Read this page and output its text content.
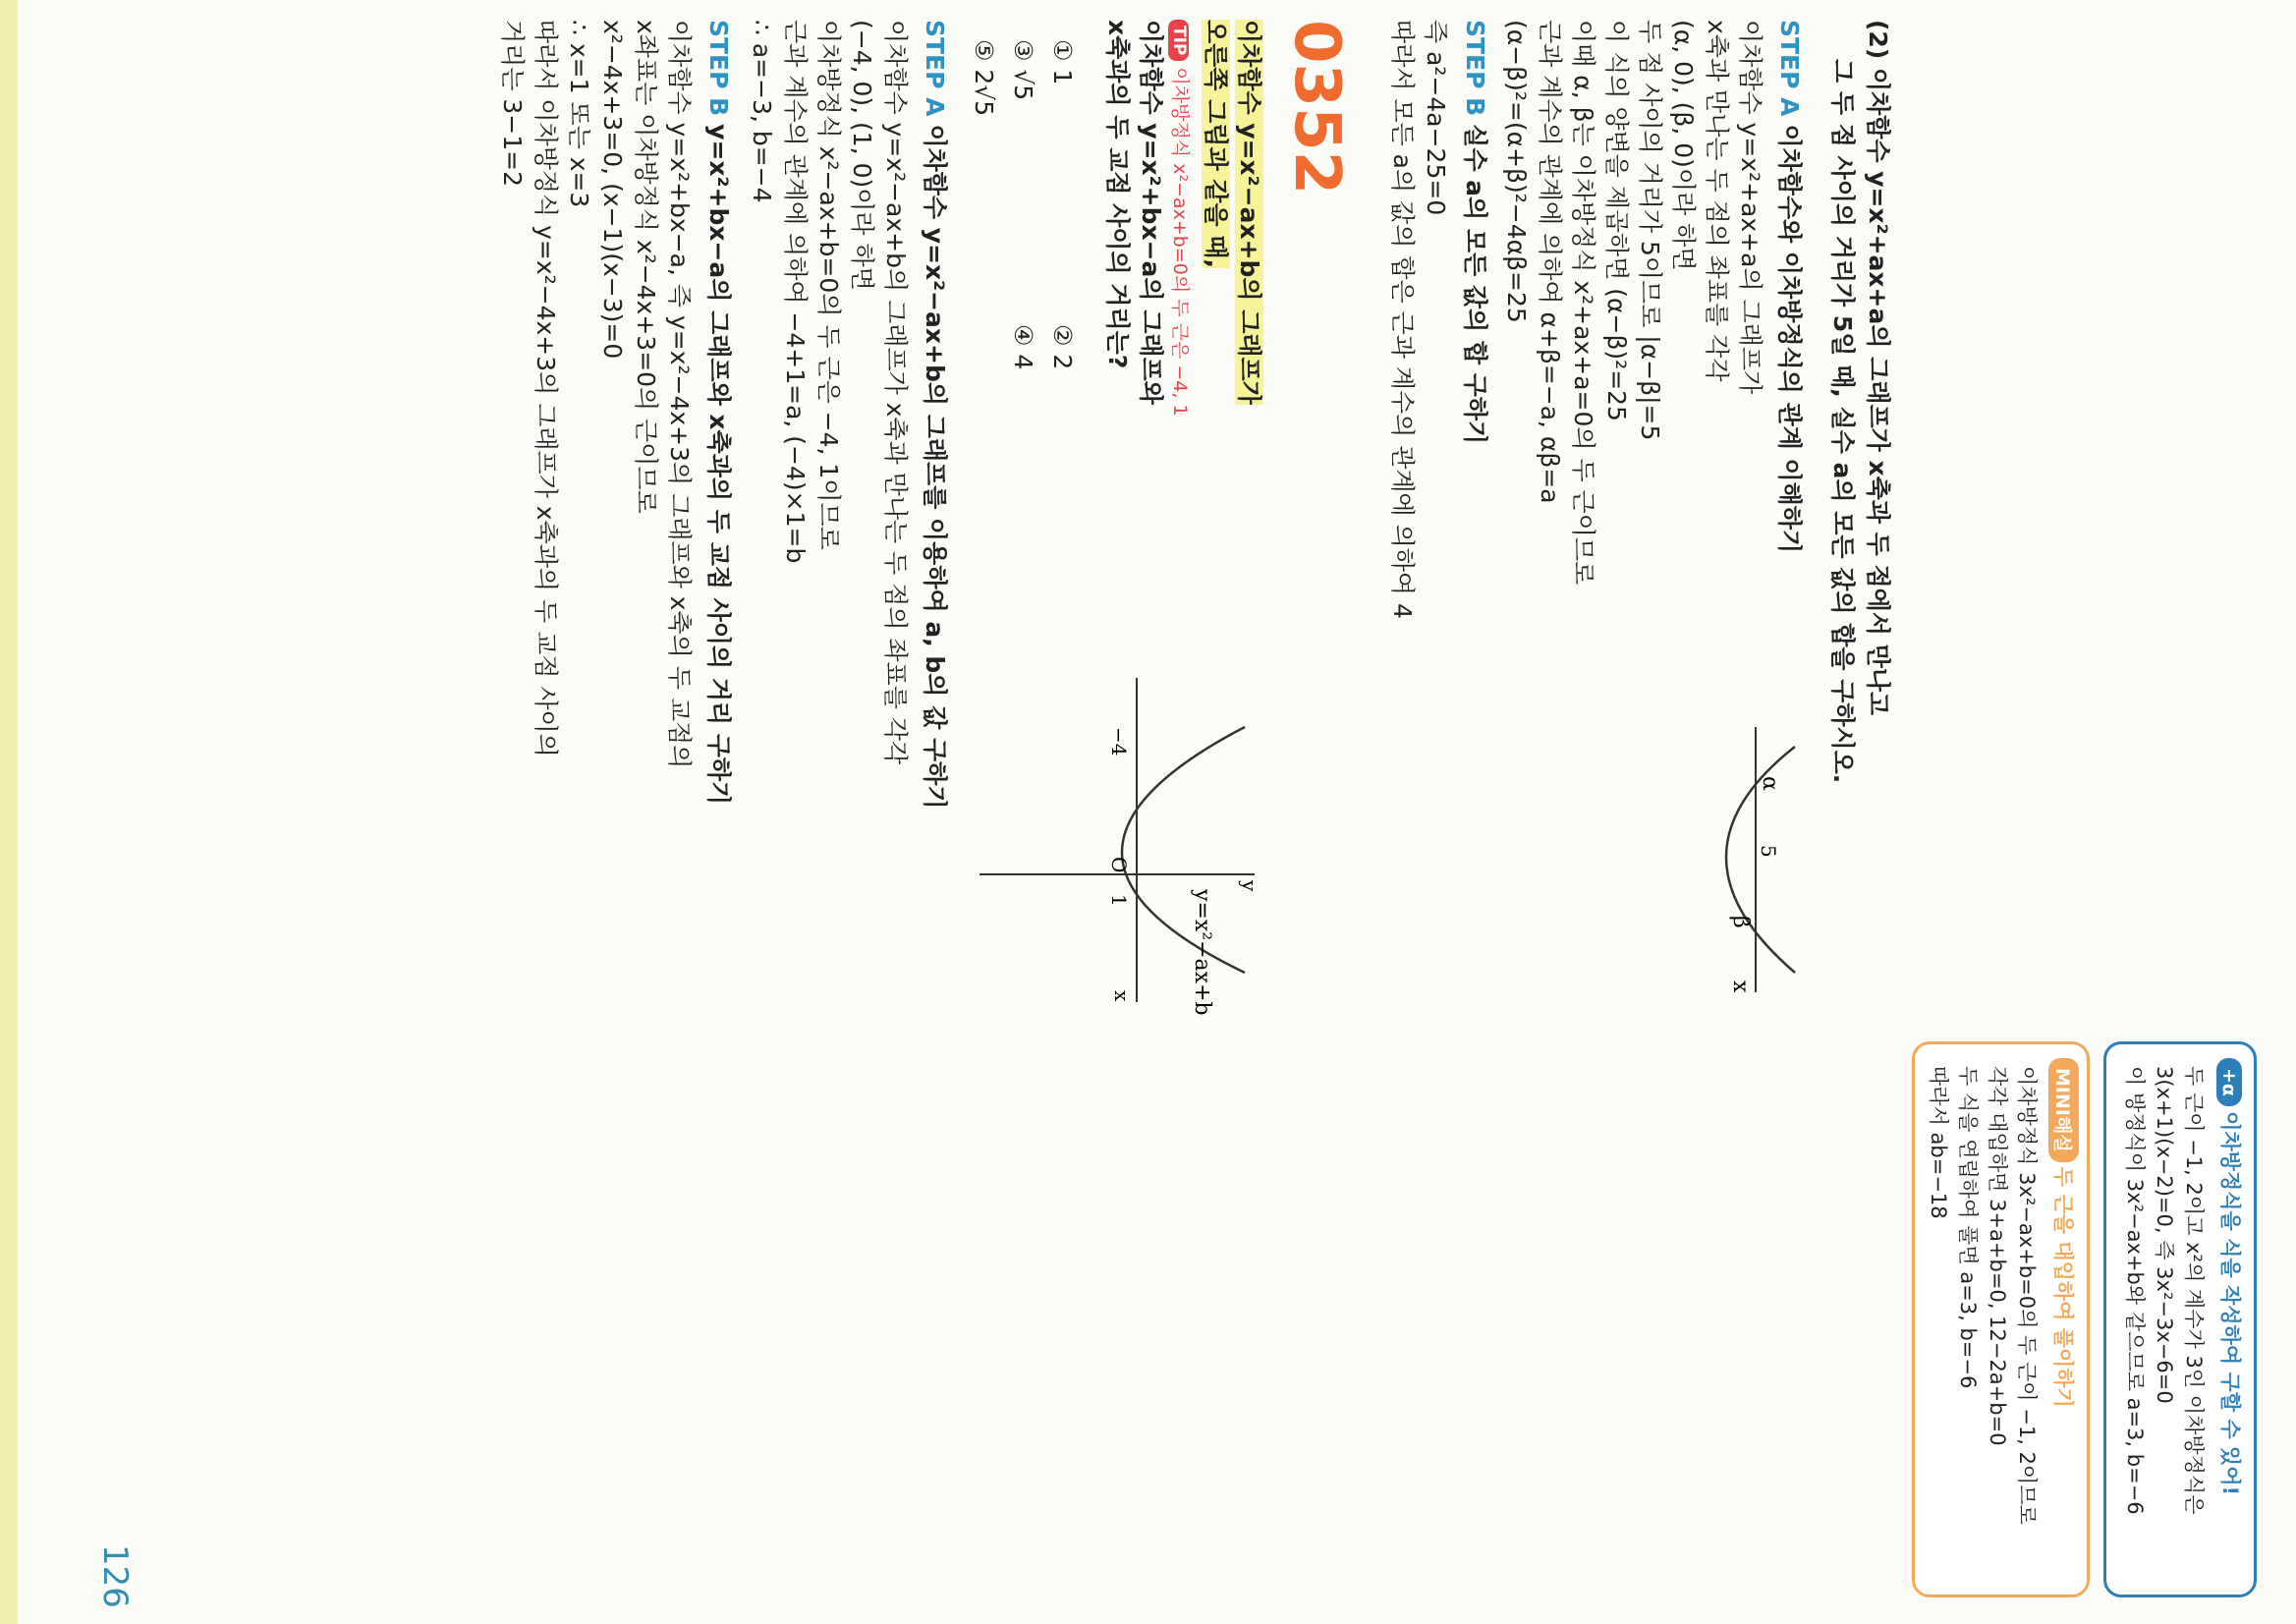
126
+α 이차방정식을 식을 작성하여 구할 수 있어!
두 근이 −1, 2이고 x²의 계수가 3인 이차방정식은
3(x+1)(x−2)=0, 즉 3x²−3x−6=0
이 방정식이 3x²−ax+b와 같으므로 a=3, b=−6
MINI해설 두 근을 대입하여 풀이하기
이차방정식 3x²−ax+b=0의 두 근이 −1, 2이므로
각각 대입하면 3+a+b=0, 12−2a+b=0
두 식을 연립하여 풀면 a=3, b=−6
따라서 ab=−18
(2) 이차함수 y=x²+ax+a의 그래프가 x축과 두 점에서 만나고
그 두 점 사이의 거리가 5일 때, 실수 a의 모든 값의 합을 구하시오.
α
β
5
x
STEP A 이차함수와 이차방정식의 관계 이해하기
이차함수 y=x²+ax+a의 그래프가
x축과 만나는 두 점의 좌표를 각각
(α, 0), (β, 0)이라 하면
두 점 사이의 거리가 5이므로 |α−β|=5
이 식의 양변을 제곱하면 (α−β)²=25
이때 α, β는 이차방정식 x²+ax+a=0의 두 근이므로
근과 계수의 관계에 의하여 α+β=−a, αβ=a
(α−β)²=(α+β)²−4αβ=25
STEP B 실수 a의 모든 값의 합 구하기
즉 a²−4a−25=0
따라서 모든 a의 값의 합은 근과 계수의 관계에 의하여 4
0352
이차함수 y=x²−ax+b의 그래프가
오른쪽 그림과 같을 때,
TIP이차방정식 x²−ax+b=0의 두 근은 −4, 1
이차함수 y=x²+bx−a의 그래프와
x축과의 두 교점 사이의 거리는?
① 1
② 2
③ √5
④ 4
⑤ 2√5
−4
1
O
y
x	y=x²−ax+b
STEP A 이차함수 y=x²−ax+b의 그래프를 이용하여 a, b의 값 구하기
이차함수 y=x²−ax+b의 그래프가 x축과 만나는 두 점의 좌표를 각각
(−4, 0), (1, 0)이라 하면
이차방정식 x²−ax+b=0의 두 근은 −4, 1이므로
근과 계수의 관계에 의하여 −4+1=a, (−4)×1=b
∴ a=−3, b=−4
STEP B y=x²+bx−a의 그래프와 x축과의 두 교점 사이의 거리 구하기
이차함수 y=x²+bx−a, 즉 y=x²−4x+3의 그래프와 x축의 두 교점의
x좌표는 이차방정식 x²−4x+3=0의 근이므로
x²−4x+3=0, (x−1)(x−3)=0
∴ x=1 또는 x=3
따라서 이차방정식 y=x²−4x+3의 그래프가 x축과의 두 교점 사이의
거리는 3−1=2
